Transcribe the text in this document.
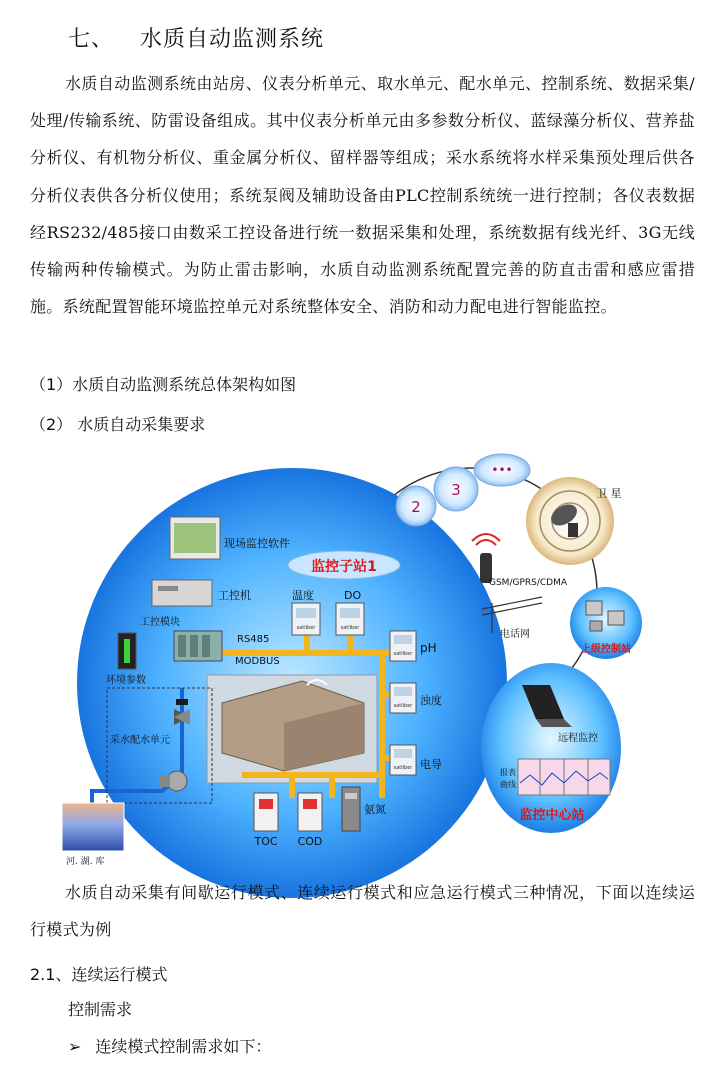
七、 水质自动监测系统
水质自动监测系统由站房、仪表分析单元、取水单元、配水单元、控制系统、数据采集/处理/传输系统、防雷设备组成。其中仪表分析单元由多参数分析仪、蓝绿藻分析仪、营养盐分析仪、有机物分析仪、重金属分析仪、留样器等组成；采水系统将水样采集预处理后供各分析仪表供各分析仪使用；系统泵阀及辅助设备由PLC控制系统统一进行控制；各仪表数据经RS232/485接口由数采工控设备进行统一数据采集和处理，系统数据有线光纤、3G无线传输两种传输模式。为防止雷击影响，水质自动监测系统配置完善的防直击雷和感应雷措施。系统配置智能环境监控单元对系统整体安全、消防和动力配电进行智能监控。
（1）水质自动监测系统总体架构如图
（2） 水质自动采集要求
2
3
•••
卫 星
GSM/GPRS/CDMA
电话网
上级控制站
远程监控
报表
曲线
监控中心站
RS485
MODBUS
现场监控软件
监控子站1
工控机
工控模块
环境参数
采水配水单元
河. 湖. 库
温度
satliber
DO
satliber
satliber pH
satliber 浊度
satliber 电导
TOC COD
氨氮
水质自动采集有间歇运行模式、连续运行模式和应急运行模式三种情况，下面以连续运行模式为例
2.1、连续运行模式
控制需求
➢ 连续模式控制需求如下：
